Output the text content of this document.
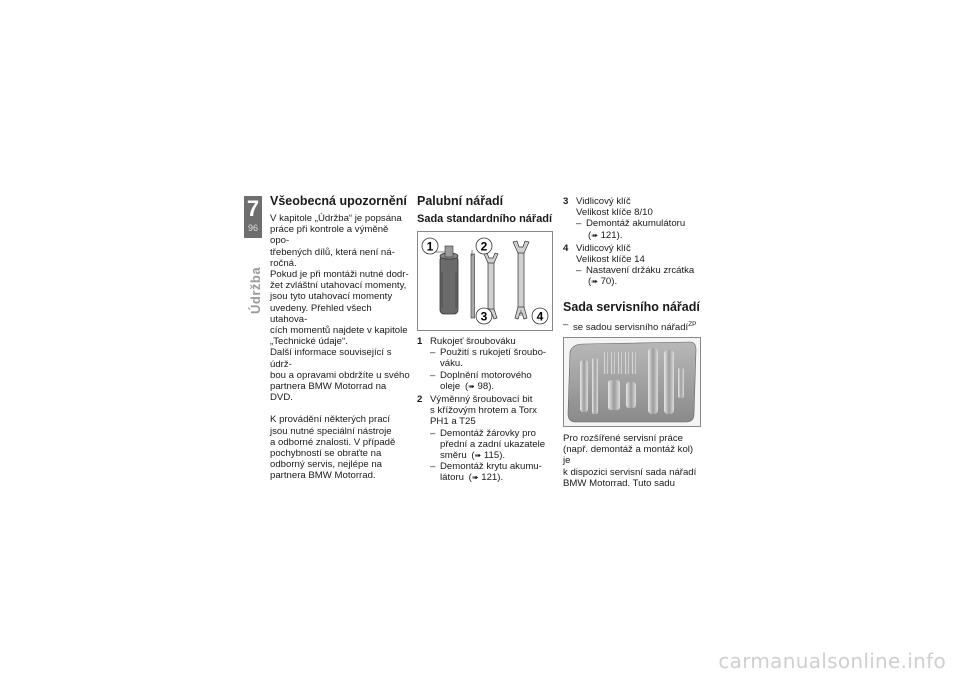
7
96
Údržba
Všeobecná upozornění

V kapitole „Údržba“ je popsána

práce při kontrole a výměně opo-

třebených dílů, která není ná-

ročná.

Pokud je při montáži nutné dodr-

žet zvláštní utahovací momenty,

jsou tyto utahovací momenty

uvedeny. Přehled všech utahova-

cích momentů najdete v kapitole

„Technické údaje“.

Další informace související s údrž-

bou a opravami obdržíte u svého

partnera BMW Motorrad na DVD.

K provádění některých prací

jsou nutné speciální nástroje

a odborné znalosti. V případě

pochybností se obraťte na

odborný servis, nejlépe na

partnera BMW Motorrad.

Palubní nářadí
Sada standardního nářadí
1	2
3	4
1 Rukojeť šroubováku

– Použití s rukojetí šroubo-

váku.

– Doplnění motorového

oleje (➠ 98).

2 Výměnný šroubovací bit

s křížovým hrotem a Torx

PH1 a T25

– Demontáž žárovky pro

přední a zadní ukazatele

směru (➠ 115).

– Demontáž krytu akumu-

látoru (➠ 121).

3 Vidlicový klíč

Velikost klíče 8/10

– Demontáž akumulátoru

(➠ 121).

4 Vidlicový klíč

Velikost klíče 14

– Nastavení držáku zrcátka

(➠ 70).

Sada servisního nářadí
– se sadou servisního nářadí$^{ZP}$

Pro rozšířené servisní práce

(např. demontáž a montáž kol) je

k dispozici servisní sada nářadí

BMW Motorrad. Tuto sadu

carmanualsonline.info
